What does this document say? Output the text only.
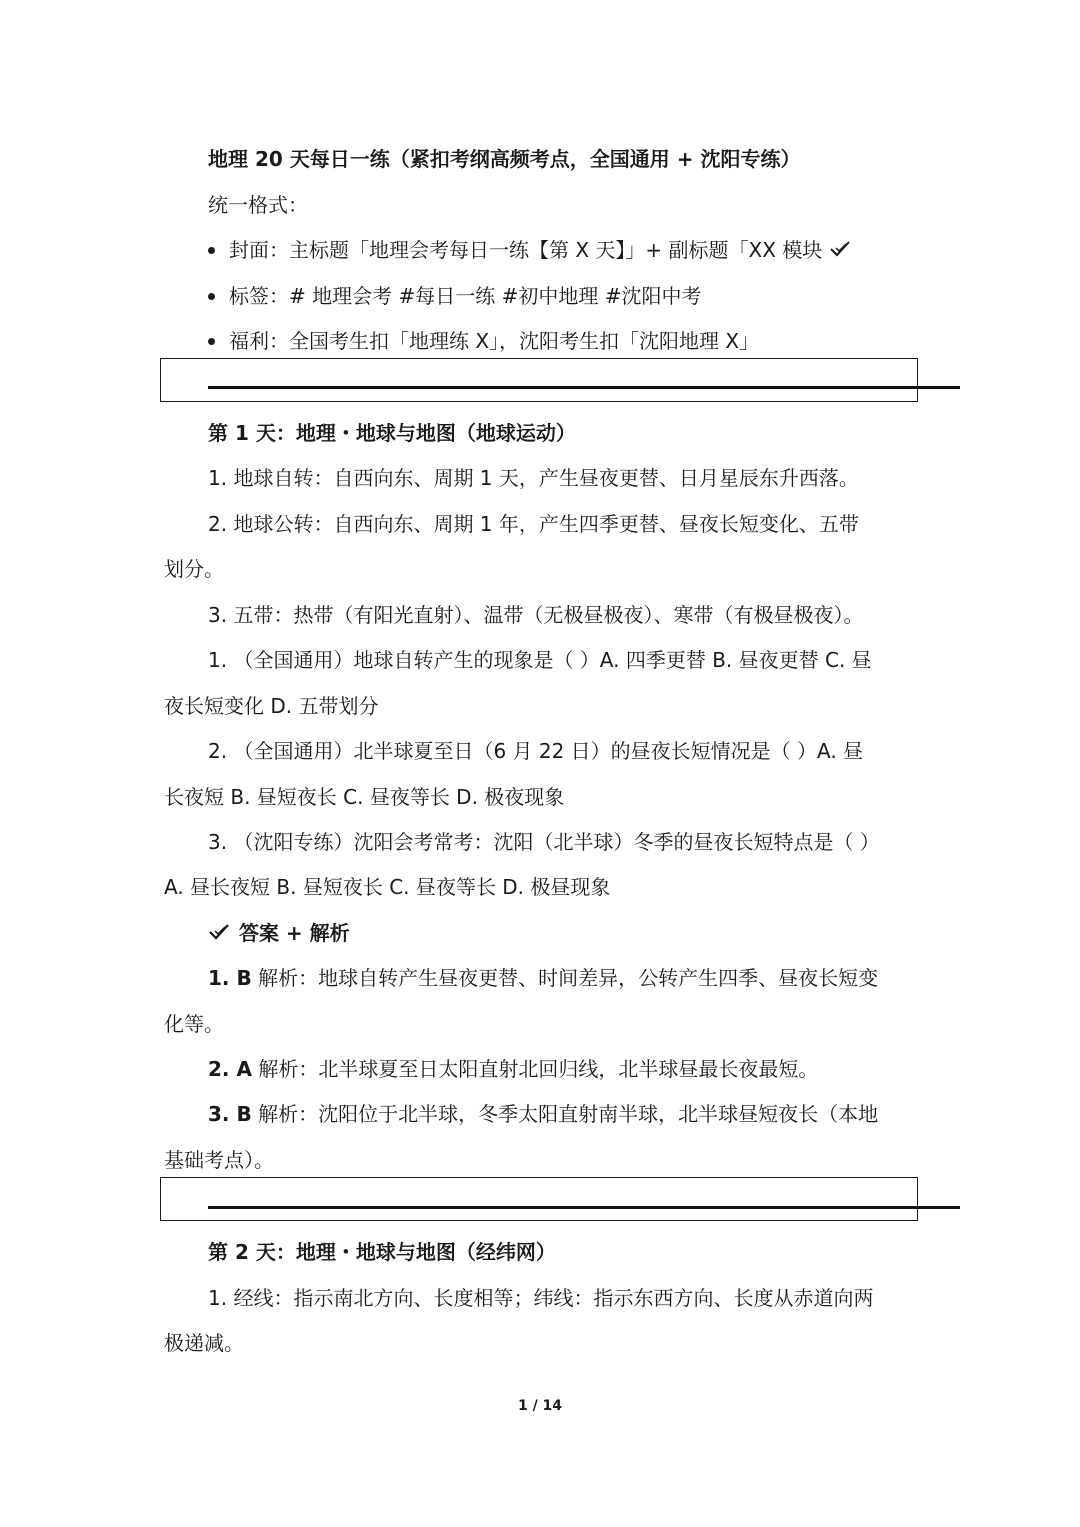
地理 20 天每日一练（紧扣考纲高频考点，全国通用 + 沈阳专练）
统一格式：
封面：主标题「地理会考每日一练【第 X 天】」+ 副标题「XX 模块
标签：# 地理会考 #每日一练 #初中地理 #沈阳中考
福利：全国考生扣「地理练 X」，沈阳考生扣「沈阳地理 X」
第 1 天：地理・地球与地图（地球运动）
1. 地球自转：自西向东、周期 1 天，产生昼夜更替、日月星辰东升西落。
2. 地球公转：自西向东、周期 1 年，产生四季更替、昼夜长短变化、五带
划分。
3. 五带：热带（有阳光直射）、温带（无极昼极夜）、寒带（有极昼极夜）。
1. （全国通用）地球自转产生的现象是（ ）A. 四季更替 B. 昼夜更替 C. 昼
夜长短变化 D. 五带划分
2. （全国通用）北半球夏至日（6 月 22 日）的昼夜长短情况是（ ）A. 昼
长夜短 B. 昼短夜长 C. 昼夜等长 D. 极夜现象
3. （沈阳专练）沈阳会考常考：沈阳（北半球）冬季的昼夜长短特点是（ ）
A. 昼长夜短 B. 昼短夜长 C. 昼夜等长 D. 极昼现象
答案 + 解析
1. B 解析：地球自转产生昼夜更替、时间差异，公转产生四季、昼夜长短变
化等。
2. A 解析：北半球夏至日太阳直射北回归线，北半球昼最长夜最短。
3. B 解析：沈阳位于北半球，冬季太阳直射南半球，北半球昼短夜长（本地
基础考点）。
第 2 天：地理・地球与地图（经纬网）
1. 经线：指示南北方向、长度相等；纬线：指示东西方向、长度从赤道向两
极递减。
1 / 14
